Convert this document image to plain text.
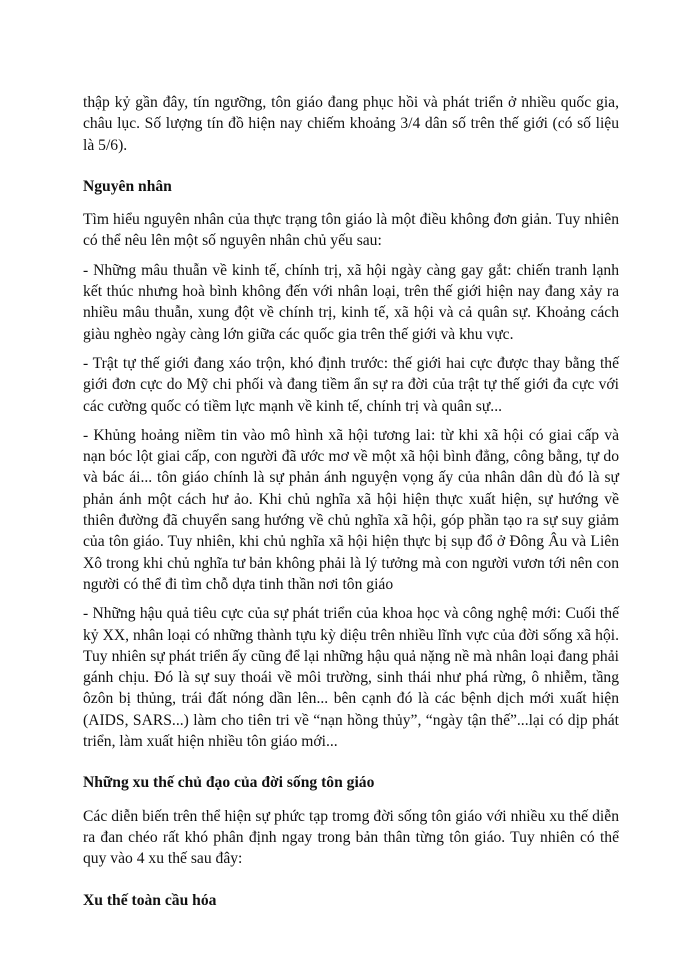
thập kỷ gần đây, tín ngưỡng, tôn giáo đang phục hồi và phát triển ở nhiều quốc gia, châu lục. Số lượng tín đồ hiện nay chiếm khoảng 3/4 dân số trên thế giới (có số liệu là 5/6).

Nguyên nhân

Tìm hiểu nguyên nhân của thực trạng tôn giáo là một điều không đơn giản. Tuy nhiên có thể nêu lên một số nguyên nhân chủ yếu sau:

- Những mâu thuẫn về kinh tế, chính trị, xã hội ngày càng gay gắt: chiến tranh lạnh kết thúc nhưng hoà bình không đến với nhân loại, trên thế giới hiện nay đang xảy ra nhiều mâu thuẫn, xung đột về chính trị, kinh tế, xã hội và cả quân sự. Khoảng cách giàu nghèo ngày càng lớn giữa các quốc gia trên thế giới và khu vực.

- Trật tự thế giới đang xáo trộn, khó định trước: thế giới hai cực được thay bằng thế giới đơn cực do Mỹ chi phối và đang tiềm ẩn sự ra đời của trật tự thế giới đa cực với các cường quốc có tiềm lực mạnh về kinh tế, chính trị và quân sự...

- Khủng hoảng niềm tin vào mô hình xã hội tương lai: từ khi xã hội có giai cấp và nạn bóc lột giai cấp, con người đã ước mơ về một xã hội bình đẳng, công bằng, tự do và bác ái... tôn giáo chính là sự phản ánh nguyện vọng ấy của nhân dân dù đó là sự phản ánh một cách hư ảo. Khi chủ nghĩa xã hội hiện thực xuất hiện, sự hướng về thiên đường đã chuyển sang hướng về chủ nghĩa xã hội, góp phần tạo ra sự suy giảm của tôn giáo. Tuy nhiên, khi chủ nghĩa xã hội hiện thực bị sụp đổ ở Đông Âu và Liên Xô trong khi chủ nghĩa tư bản không phải là lý tưởng mà con người vươn tới nên con người có thể đi tìm chỗ dựa tinh thần nơi tôn giáo

- Những hậu quả tiêu cực của sự phát triển của khoa học và công nghệ mới: Cuối thế kỷ XX, nhân loại có những thành tựu kỳ diệu trên nhiều lĩnh vực của đời sống xã hội. Tuy nhiên sự phát triển ấy cũng để lại những hậu quả nặng nề mà nhân loại đang phải gánh chịu. Đó là sự suy thoái về môi trường, sinh thái như phá rừng, ô nhiễm, tầng ôzôn bị thủng, trái đất nóng dần lên... bên cạnh đó là các bệnh dịch mới xuất hiện (AIDS, SARS...) làm cho tiên tri về “nạn hồng thủy”, “ngày tận thế”...lại có dịp phát triển, làm xuất hiện nhiều tôn giáo mới...

Những xu thế chủ đạo của đời sống tôn giáo

Các diễn biến trên thể hiện sự phức tạp tromg đời sống tôn giáo với nhiều xu thế diễn ra đan chéo rất khó phân định ngay trong bản thân từng tôn giáo. Tuy nhiên có thể quy vào 4 xu thế sau đây:

Xu thế toàn cầu hóa
